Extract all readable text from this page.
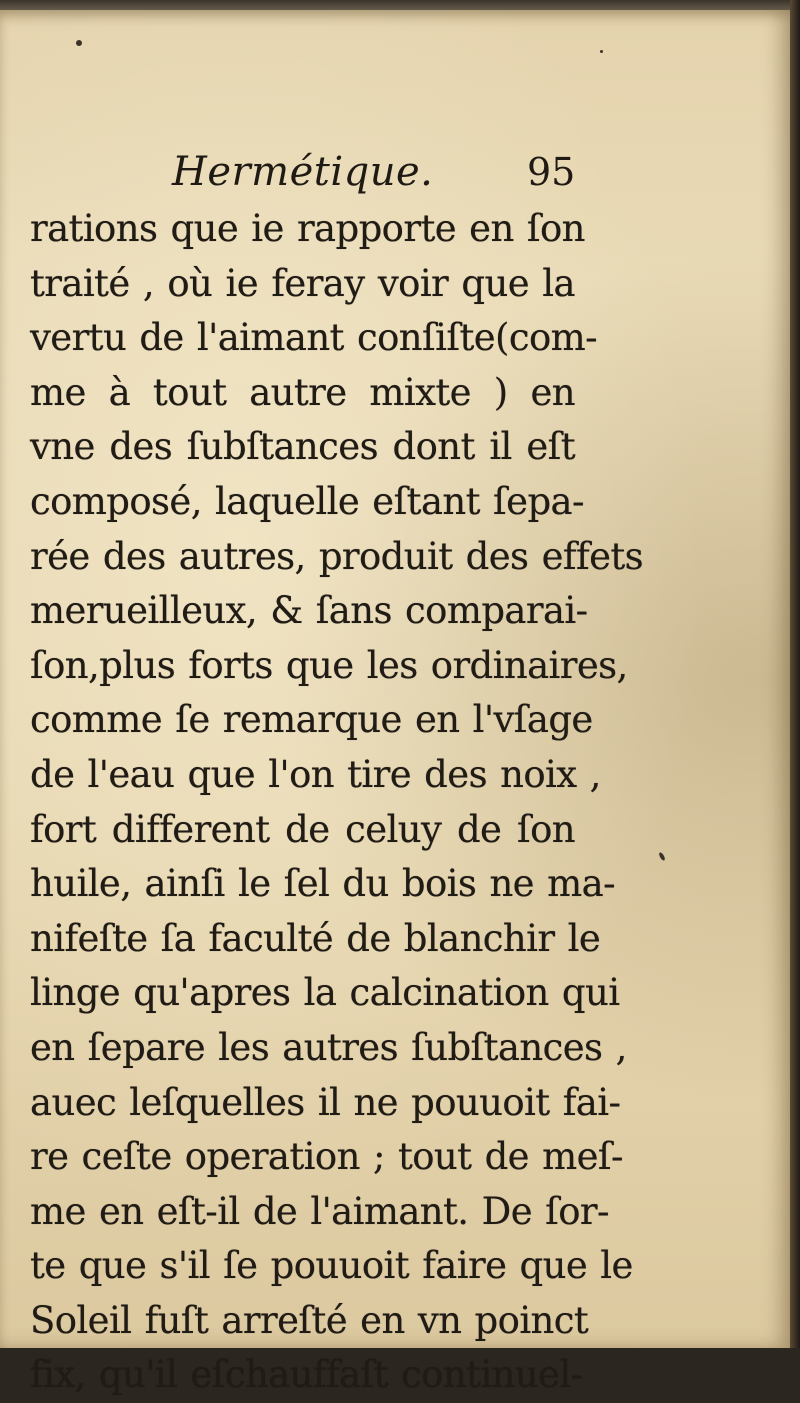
Hermétique. 95
rations que ie rapporte en ſon
traité , où ie feray voir que la
vertu de l'aimant conſiſte(com-
me à tout autre mixte ) en
vne des ſubſtances dont il eſt
composé, laquelle eſtant ſepa-
rée des autres, produit des effets
merueilleux, & ſans comparai-
ſon,plus forts que les ordinaires,
comme ſe remarque en l'vſage
de l'eau que l'on tire des noix ,
fort different de celuy de ſon
huile, ainſi le ſel du bois ne ma-
nifeſte ſa faculté de blanchir le
linge qu'apres la calcination qui
en ſepare les autres ſubſtances ,
auec leſquelles il ne pouuoit fai-
re ceſte operation ; tout de meſ-
me en eſt-il de l'aimant. De ſor-
te que s'il ſe pouuoit faire que le
Soleil fuſt arreſté en vn poinct
fix, qu'il eſchauffaſt continuel-
